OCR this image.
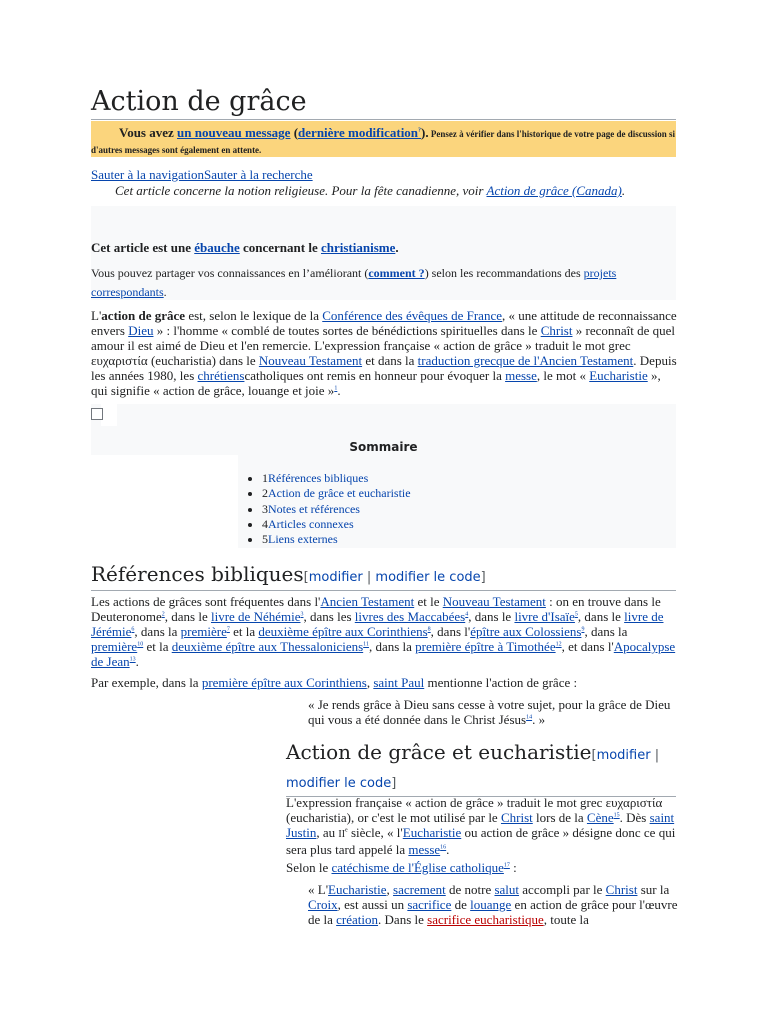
Action de grâce
Vous avez un nouveau message (dernière modification?). Pensez à vérifier dans l'historique de votre page de discussion si d'autres messages sont également en attente.
Sauter à la navigationSauter à la recherche
Cet article concerne la notion religieuse. Pour la fête canadienne, voir Action de grâce (Canada).
Cet article est une ébauche concernant le christianisme.
Vous pouvez partager vos connaissances en l’améliorant (comment ?) selon les recommandations des projets correspondants.
L'action de grâce est, selon le lexique de la Conférence des évêques de France, « une attitude de reconnaissance envers Dieu » : l'homme « comblé de toutes sortes de bénédictions spirituelles dans le Christ » reconnaît de quel amour il est aimé de Dieu et l'en remercie. L'expression française « action de grâce » traduit le mot grec ευχαριστία (eucharistia) dans le Nouveau Testament et dans la traduction grecque de l'Ancien Testament. Depuis les années 1980, les chrétienscatholiques ont remis en honneur pour évoquer la messe, le mot « Eucharistie », qui signifie « action de grâce, louange et joie »$^1$.
Sommaire
• 1Références bibliques
• 2Action de grâce et eucharistie
• 3Notes et références
• 4Articles connexes
• 5Liens externes
Références bibliques[modifier | modifier le code]
Les actions de grâces sont fréquentes dans l'Ancien Testament et le Nouveau Testament : on en trouve dans le Deuteronome$^2$, dans le livre de Néhémie$^3$, dans les livres des Maccabées$^4$, dans le livre d'Isaïe$^5$, dans le livre de Jérémie$^6$, dans la première$^7$ et la deuxième épître aux Corinthiens$^8$, dans l'épître aux Colossiens$^9$, dans la première$^{10}$ et la deuxième épître aux Thessaloniciens$^{11}$, dans la première épître à Timothée$^{12}$, et dans l'Apocalypse de Jean$^{13}$.
Par exemple, dans la première épître aux Corinthiens, saint Paul mentionne l'action de grâce :
« Je rends grâce à Dieu sans cesse à votre sujet, pour la grâce de Dieu qui vous a été donnée dans le Christ Jésus$^{14}$. »
Action de grâce et eucharistie[modifier | modifier le code]
L'expression française « action de grâce » traduit le mot grec ευχαριστία (eucharistia), or c'est le mot utilisé par le Christ lors de la Cène$^{15}$. Dès saint Justin, au IIe siècle, « l'Eucharistie ou action de grâce » désigne donc ce qui sera plus tard appelé la messe$^{16}$.
Selon le catéchisme de l'Église catholique$^{17}$ :
« L'Eucharistie, sacrement de notre salut accompli par le Christ sur la Croix, est aussi un sacrifice de louange en action de grâce pour l'œuvre de la création. Dans le sacrifice eucharistique, toute la
